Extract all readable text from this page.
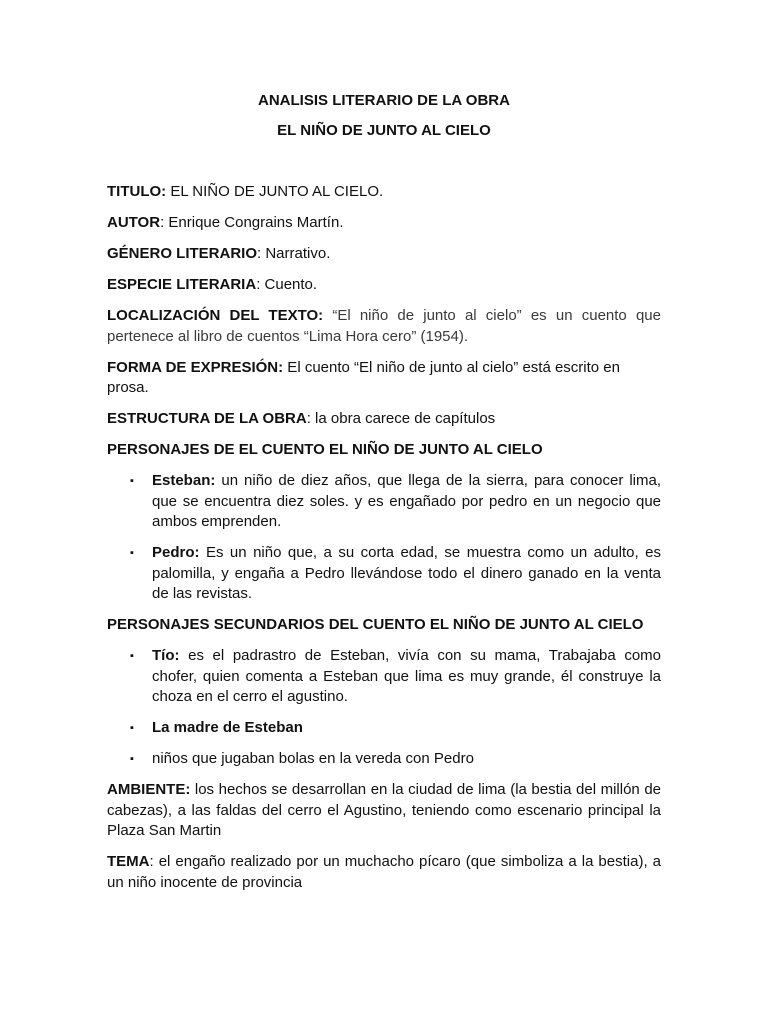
ANALISIS LITERARIO DE LA OBRA
EL NIÑO DE JUNTO AL CIELO

TITULO: EL NIÑO DE JUNTO AL CIELO.

AUTOR: Enrique Congrains Martín.

GÉNERO LITERARIO: Narrativo.

ESPECIE LITERARIA: Cuento.

LOCALIZACIÓN DEL TEXTO: “El niño de junto al cielo” es un cuento que pertenece al libro de cuentos “Lima Hora cero” (1954).

FORMA DE EXPRESIÓN: El cuento “El niño de junto al cielo” está escrito en prosa.

ESTRUCTURA DE LA OBRA: la obra carece de capítulos

PERSONAJES DE EL CUENTO EL NIÑO DE JUNTO AL CIELO

▪ Esteban: un niño de diez años, que llega de la sierra, para conocer lima, que se encuentra diez soles. y es engañado por pedro en un negocio que ambos emprenden.
▪ Pedro: Es un niño que, a su corta edad, se muestra como un adulto, es palomilla, y engaña a Pedro llevándose todo el dinero ganado en la venta de las revistas.

PERSONAJES SECUNDARIOS DEL CUENTO EL NIÑO DE JUNTO AL CIELO

▪ Tío: es el padrastro de Esteban, vivía con su mama, Trabajaba como chofer, quien comenta a Esteban que lima es muy grande, él construye la choza en el cerro el agustino.
▪ La madre de Esteban
▪ niños que jugaban bolas en la vereda con Pedro

AMBIENTE: los hechos se desarrollan en la ciudad de lima (la bestia del millón de cabezas), a las faldas del cerro el Agustino, teniendo como escenario principal la Plaza San Martin

TEMA: el engaño realizado por un muchacho pícaro (que simboliza a la bestia), a un niño inocente de provincia
